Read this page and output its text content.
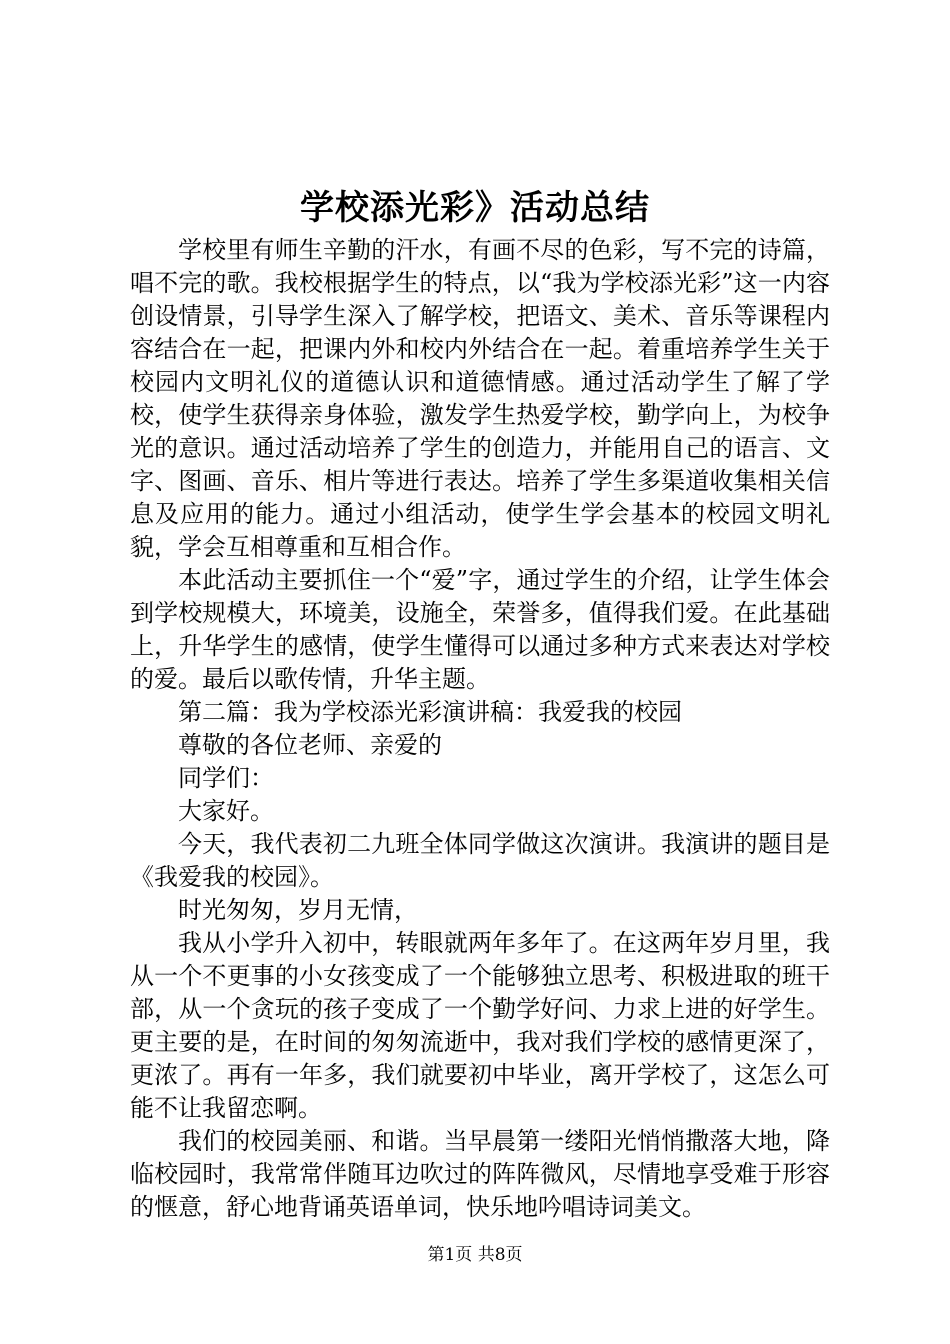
学校添光彩》活动总结

学校里有师生辛勤的汗水，有画不尽的色彩，写不完的诗篇，唱不完的歌。我校根据学生的特点，以“我为学校添光彩”这一内容创设情景，引导学生深入了解学校，把语文、美术、音乐等课程内容结合在一起，把课内外和校内外结合在一起。着重培养学生关于校园内文明礼仪的道德认识和道德情感。通过活动学生了解了学校，使学生获得亲身体验，激发学生热爱学校，勤学向上，为校争光的意识。通过活动培养了学生的创造力，并能用自己的语言、文字、图画、音乐、相片等进行表达。培养了学生多渠道收集相关信息及应用的能力。通过小组活动，使学生学会基本的校园文明礼貌，学会互相尊重和互相合作。

本此活动主要抓住一个“爱”字，通过学生的介绍，让学生体会到学校规模大，环境美，设施全，荣誉多，值得我们爱。在此基础上，升华学生的感情，使学生懂得可以通过多种方式来表达对学校的爱。最后以歌传情，升华主题。

第二篇：我为学校添光彩演讲稿：我爱我的校园

尊敬的各位老师、亲爱的

同学们：

大家好。

今天，我代表初二九班全体同学做这次演讲。我演讲的题目是《我爱我的校园》。

时光匆匆，岁月无情，

我从小学升入初中，转眼就两年多年了。在这两年岁月里，我从一个不更事的小女孩变成了一个能够独立思考、积极进取的班干部，从一个贪玩的孩子变成了一个勤学好问、力求上进的好学生。更主要的是，在时间的匆匆流逝中，我对我们学校的感情更深了，更浓了。再有一年多，我们就要初中毕业，离开学校了，这怎么可能不让我留恋啊。

我们的校园美丽、和谐。当早晨第一缕阳光悄悄撒落大地，降临校园时，我常常伴随耳边吹过的阵阵微风，尽情地享受难于形容的惬意，舒心地背诵英语单词，快乐地吟唱诗词美文。

第1页 共8页
